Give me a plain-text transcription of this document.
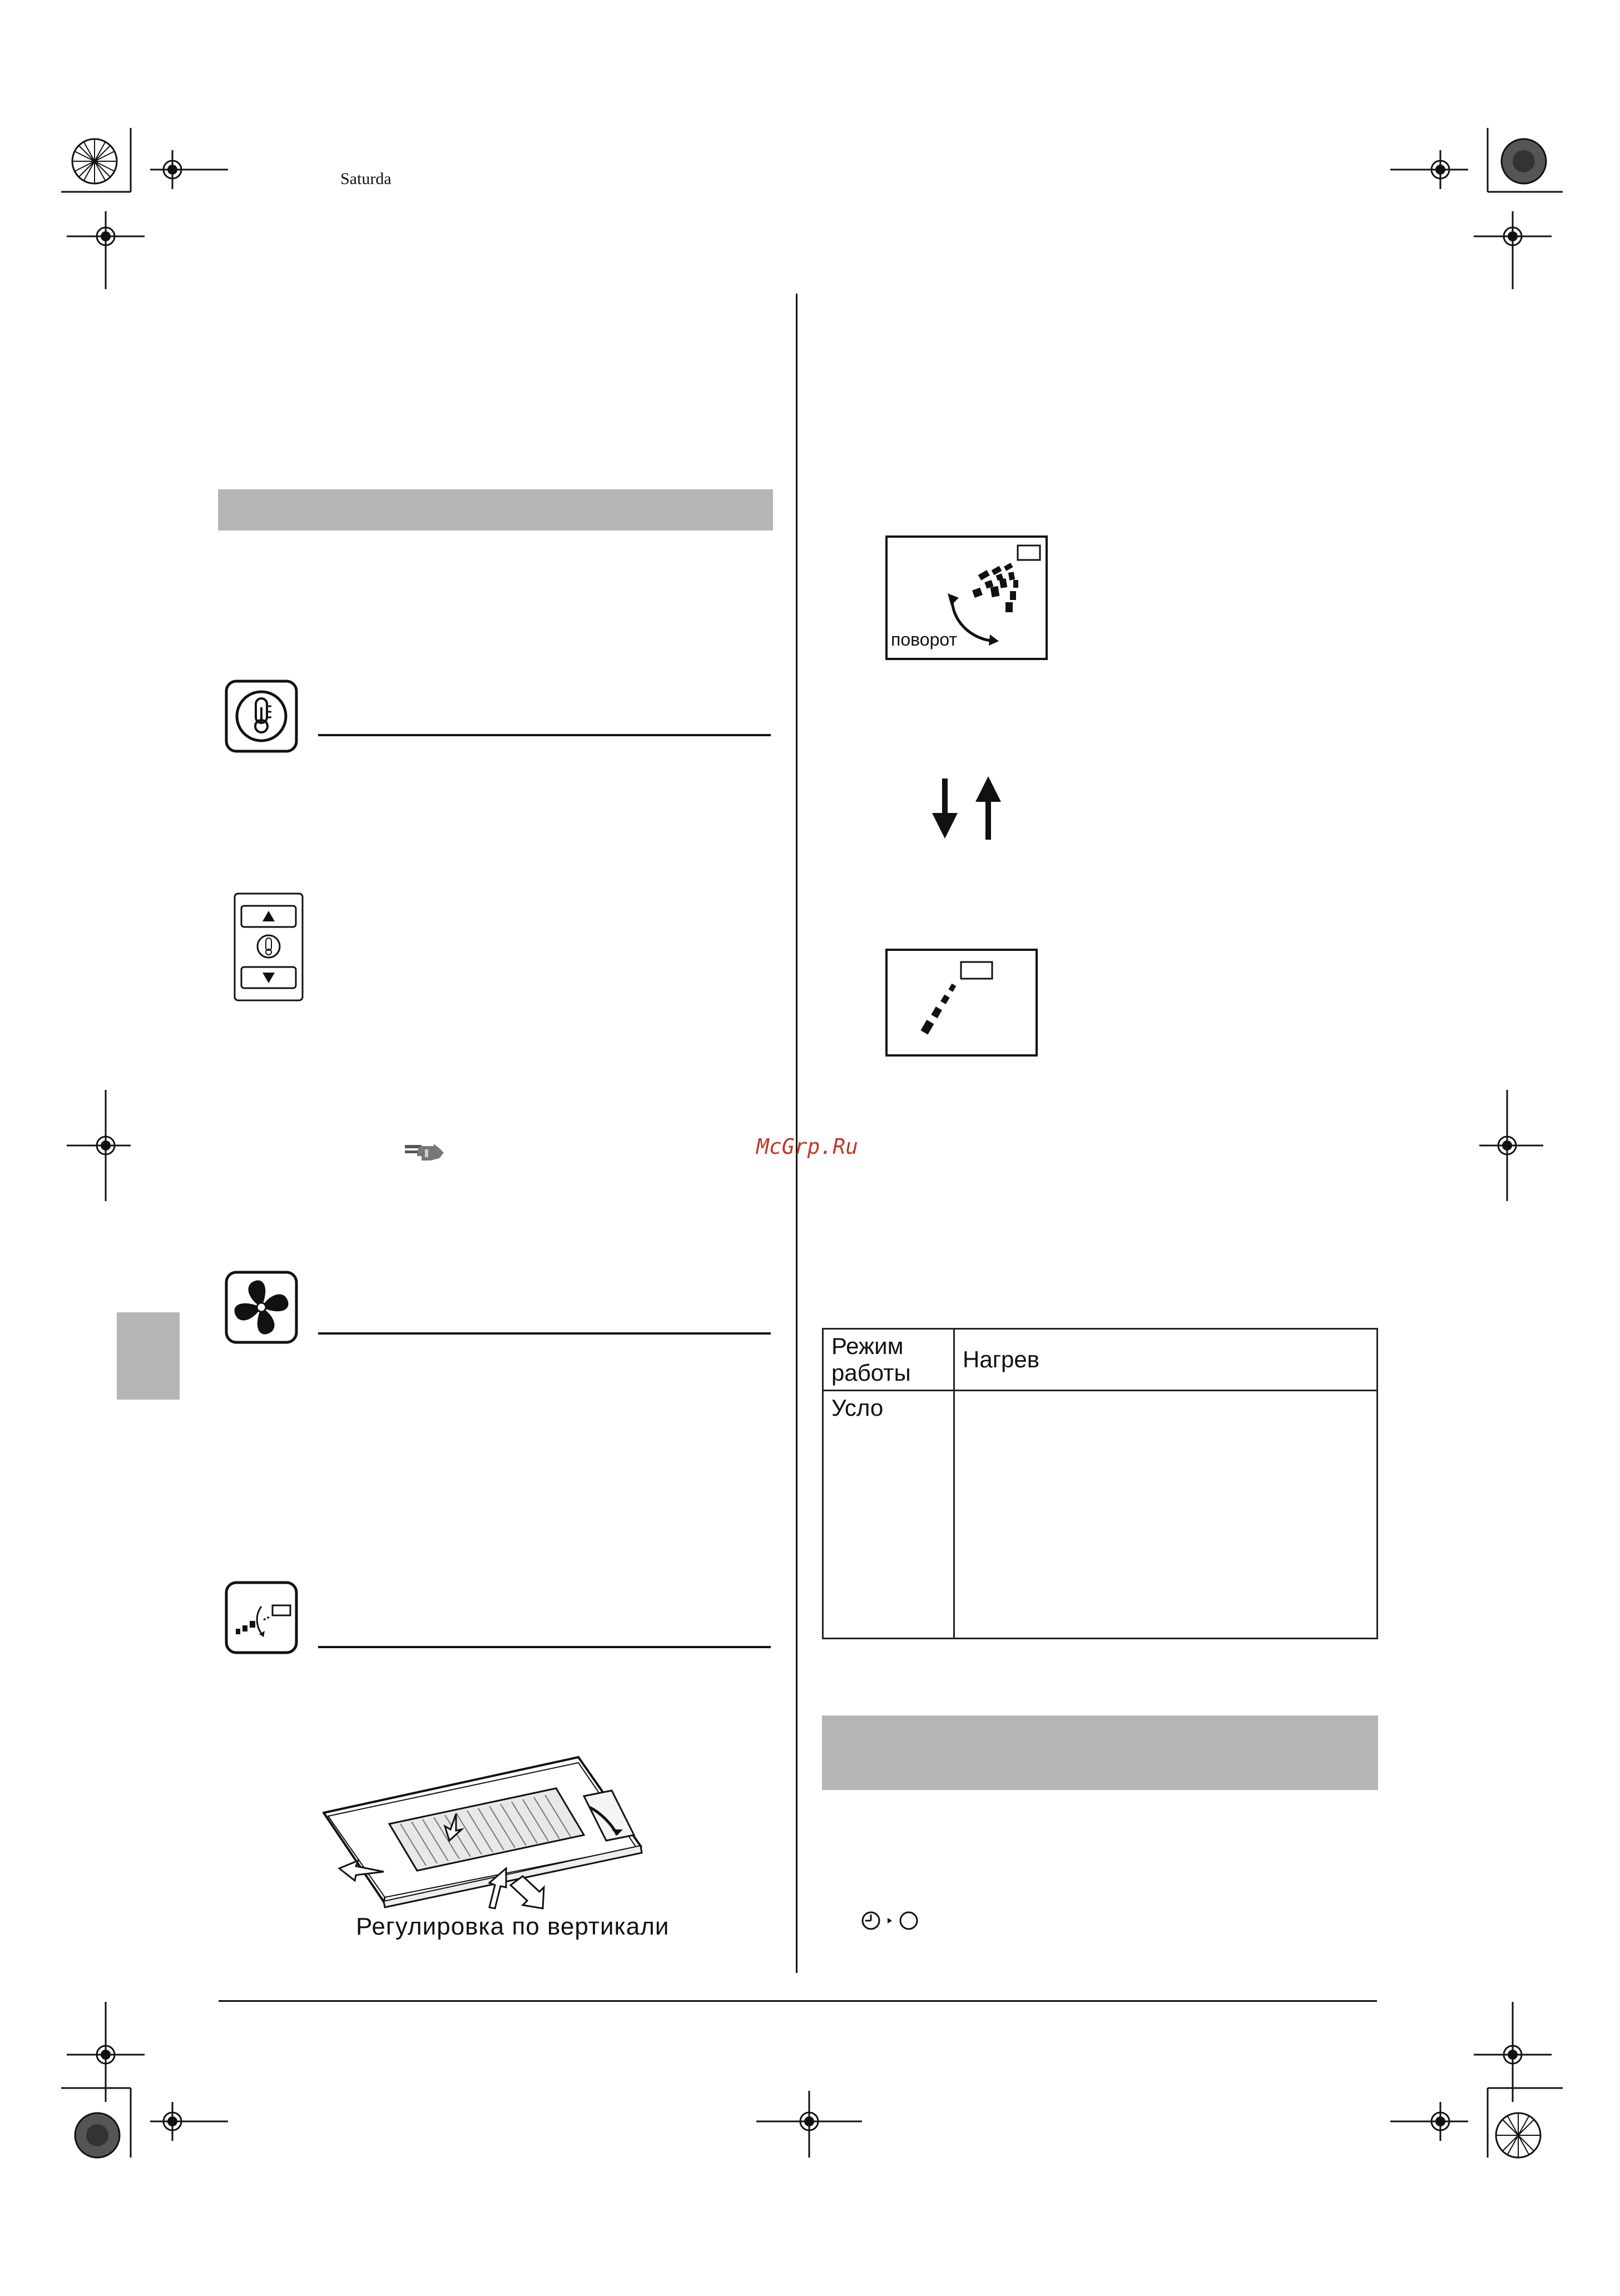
Saturda
McGrp.Ru
Регулировка по вертикали
поворот
Режим работы	Нагрев
Усло	
